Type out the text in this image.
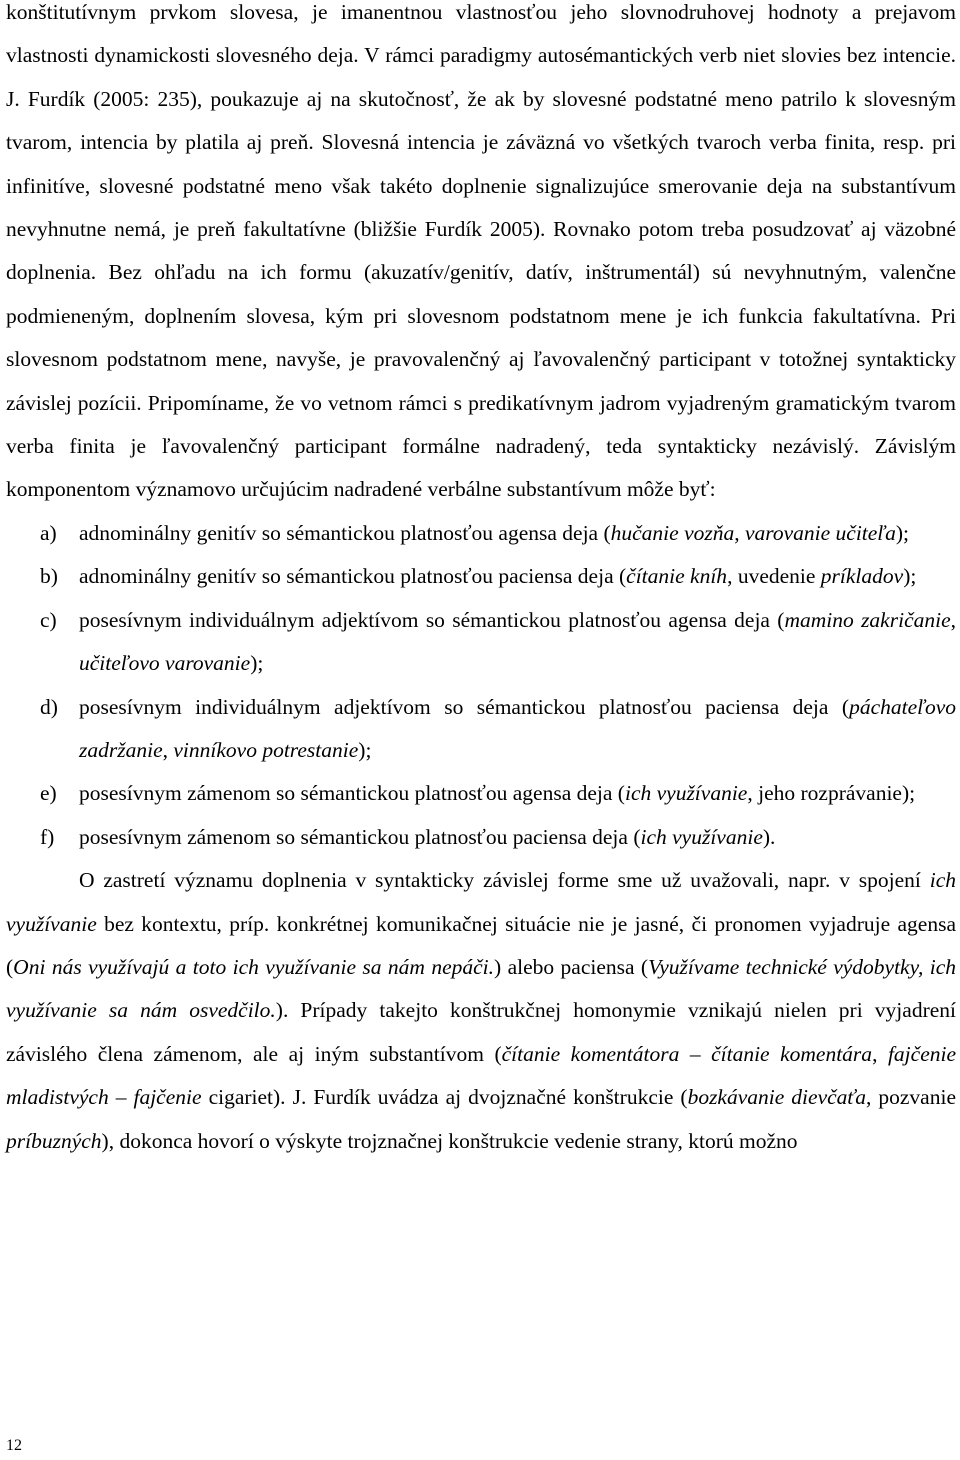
konštitutívnym prvkom slovesa, je imanentnou vlastnosťou jeho slovnodruhovej hodnoty a prejavom vlastnosti dynamickosti slovesného deja. V rámci paradigmy autosémantických verb niet slovies bez intencie. J. Furdík (2005: 235), poukazuje aj na skutočnosť, že ak by slovesné podstatné meno patrilo k slovesným tvarom, intencia by platila aj preň. Slovesná intencia je záväzná vo všetkých tvaroch verba finita, resp. pri infinitíve, slovesné podstatné meno však takéto doplnenie signalizujúce smerovanie deja na substantívum nevyhnutne nemá, je preň fakultatívne (bližšie Furdík 2005). Rovnako potom treba posudzovať aj väzobné doplnenia. Bez ohľadu na ich formu (akuzatív/genitív, datív, inštrumentál) sú nevyhnutným, valenčne podmieneným, doplnením slovesa, kým pri slovesnom podstatnom mene je ich funkcia fakultatívna. Pri slovesnom podstatnom mene, navyše, je pravovalenčný aj ľavovalenčný participant v totožnej syntakticky závislej pozícii. Pripomíname, že vo vetnom rámci s predikatívnym jadrom vyjadreným gramatickým tvarom verba finita je ľavovalenčný participant formálne nadradený, teda syntakticky nezávislý. Závislým komponentom významovo určujúcim nadradené verbálne substantívum môže byť:

a)	adnominálny genitív so sémantickou platnosťou agensa deja (hučanie vozňa, varovanie učiteľa);
b) adnominálny genitív so sémantickou platnosťou paciensa deja (čítanie kníh, uvedenie príkladov);
c)	posesívnym individuálnym adjektívom so sémantickou platnosťou agensa deja (mamino zakričanie, učiteľovo varovanie);
d) posesívnym individuálnym adjektívom so sémantickou platnosťou paciensa deja (páchateľovo zadržanie, vinníkovo potrestanie);
e)	posesívnym zámenom so sémantickou platnosťou agensa deja (ich využívanie, jeho rozprávanie);
f)	posesívnym zámenom so sémantickou platnosťou paciensa deja (ich využívanie).

O zastretí významu doplnenia v syntakticky závislej forme sme už uvažovali, napr. v spojení ich využívanie bez kontextu, príp. konkrétnej komunikačnej situácie nie je jasné, či pronomen vyjadruje agensa (Oni nás využívajú a toto ich využívanie sa nám nepáči.) alebo paciensa (Využívame technické výdobytky, ich využívanie sa nám osvedčilo.). Prípady takejto konštrukčnej homonymie vznikajú nielen pri vyjadrení závislého člena zámenom, ale aj iným substantívom (čítanie komentátora – čítanie komentára, fajčenie mladistvých – fajčenie cigariet). J. Furdík uvádza aj dvojznačné konštrukcie (bozkávanie dievčaťa, pozvanie príbuzných), dokonca hovorí o výskyte trojznačnej konštrukcie vedenie strany, ktorú možno

12
